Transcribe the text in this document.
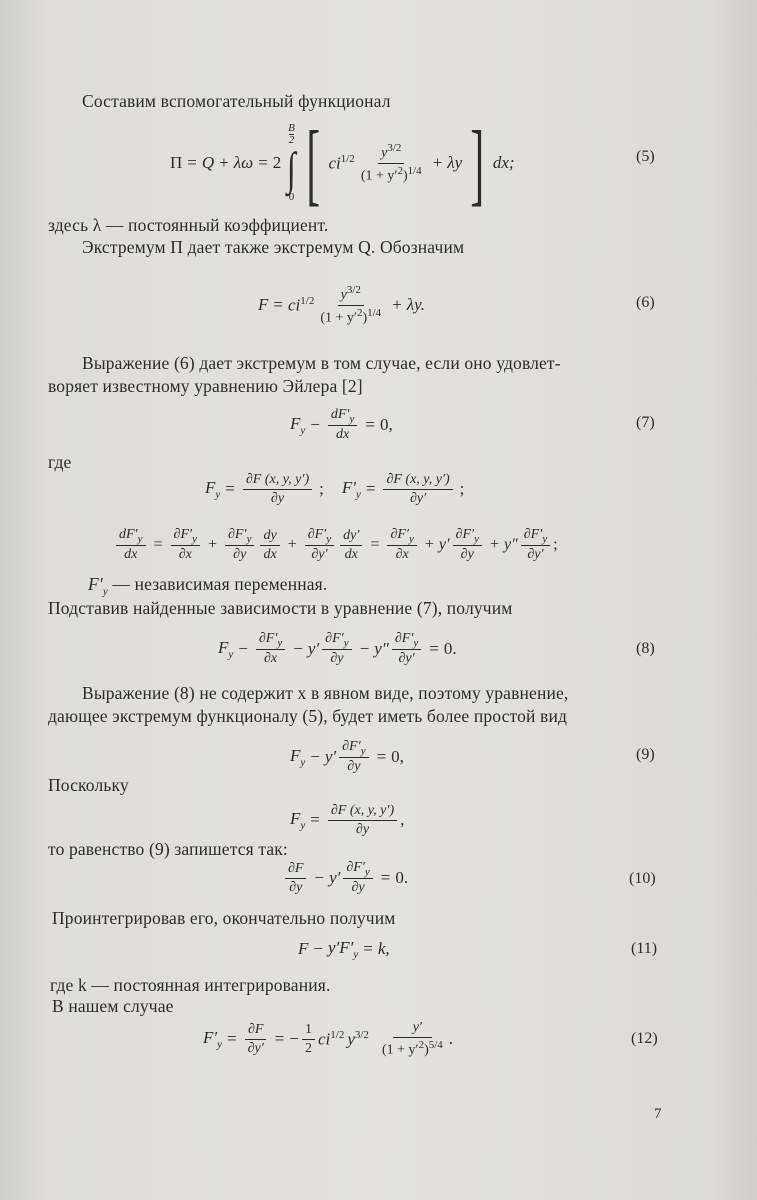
Составим вспомогательный функционал
П = Q + λω = 2
B
2
∫
0 [ $ci^{1/2} \frac{y^{3/2}}{(1 + y'^2)^{1/4}} + \lambda y$ ] dx;	(5)
здесь λ — постоянный коэффициент.
Экстремум П дает также экстремум Q. Обозначим
$F = ci^{1/2} \frac{y^{3/2}}{(1 + y'^2)^{1/4}} + \lambda y$.	(6)
Выражение (6) дает экстремум в том случае, если оно удовлет-
воряет известному уравнению Эйлера [2]
$F_y - \frac{dF'_y}{dx} = 0$,	(7)
где
$F_y = \frac{\partial F (x, y, y')}{\partial y}$ ; $F'_y = \frac{\partial F (x, y, y')}{\partial y'}$ ;
$\frac{dF'_y}{dx} = \frac{\partial F'_y}{\partial x} + \frac{\partial F'_y}{\partial y} \frac{dy}{dx} + \frac{\partial F'_y}{\partial y'} \frac{dy'}{dx} = \frac{\partial F'_y}{\partial x} + y' \frac{\partial F'_y}{\partial y} + y'' \frac{\partial F'_y}{\partial y'}$ ;
$F'_y$ — независимая переменная.
Подставив найденные зависимости в уравнение (7), получим
$F_y - \frac{\partial F'_y}{\partial x} - y' \frac{\partial F'_y}{\partial y} - y'' \frac{\partial F'_y}{\partial y'} = 0$.	(8)
Выражение (8) не содержит x в явном виде, поэтому уравнение,
дающее экстремум функционалу (5), будет иметь более простой вид
$F_y - y' \frac{\partial F'_y}{\partial y} = 0$,	(9)
Поскольку
$F_y = \frac{\partial F (x, y, y')}{\partial y}$ ,
то равенство (9) запишется так:
$\frac{\partial F}{\partial y} - y' \frac{\partial F'_y}{\partial y} = 0$.	(10)
Проинтегрировав его, окончательно получим
$F - y'F'_y = k$,	(11)
где k — постоянная интегрирования.
В нашем случае
$F'_y = \frac{\partial F}{\partial y'}$ = − $\frac{1}{2} ci^{1/2}$ $y^{3/2} \frac{y'}{(1 + y'^2)^{5/4}}$ .	(12)
7
